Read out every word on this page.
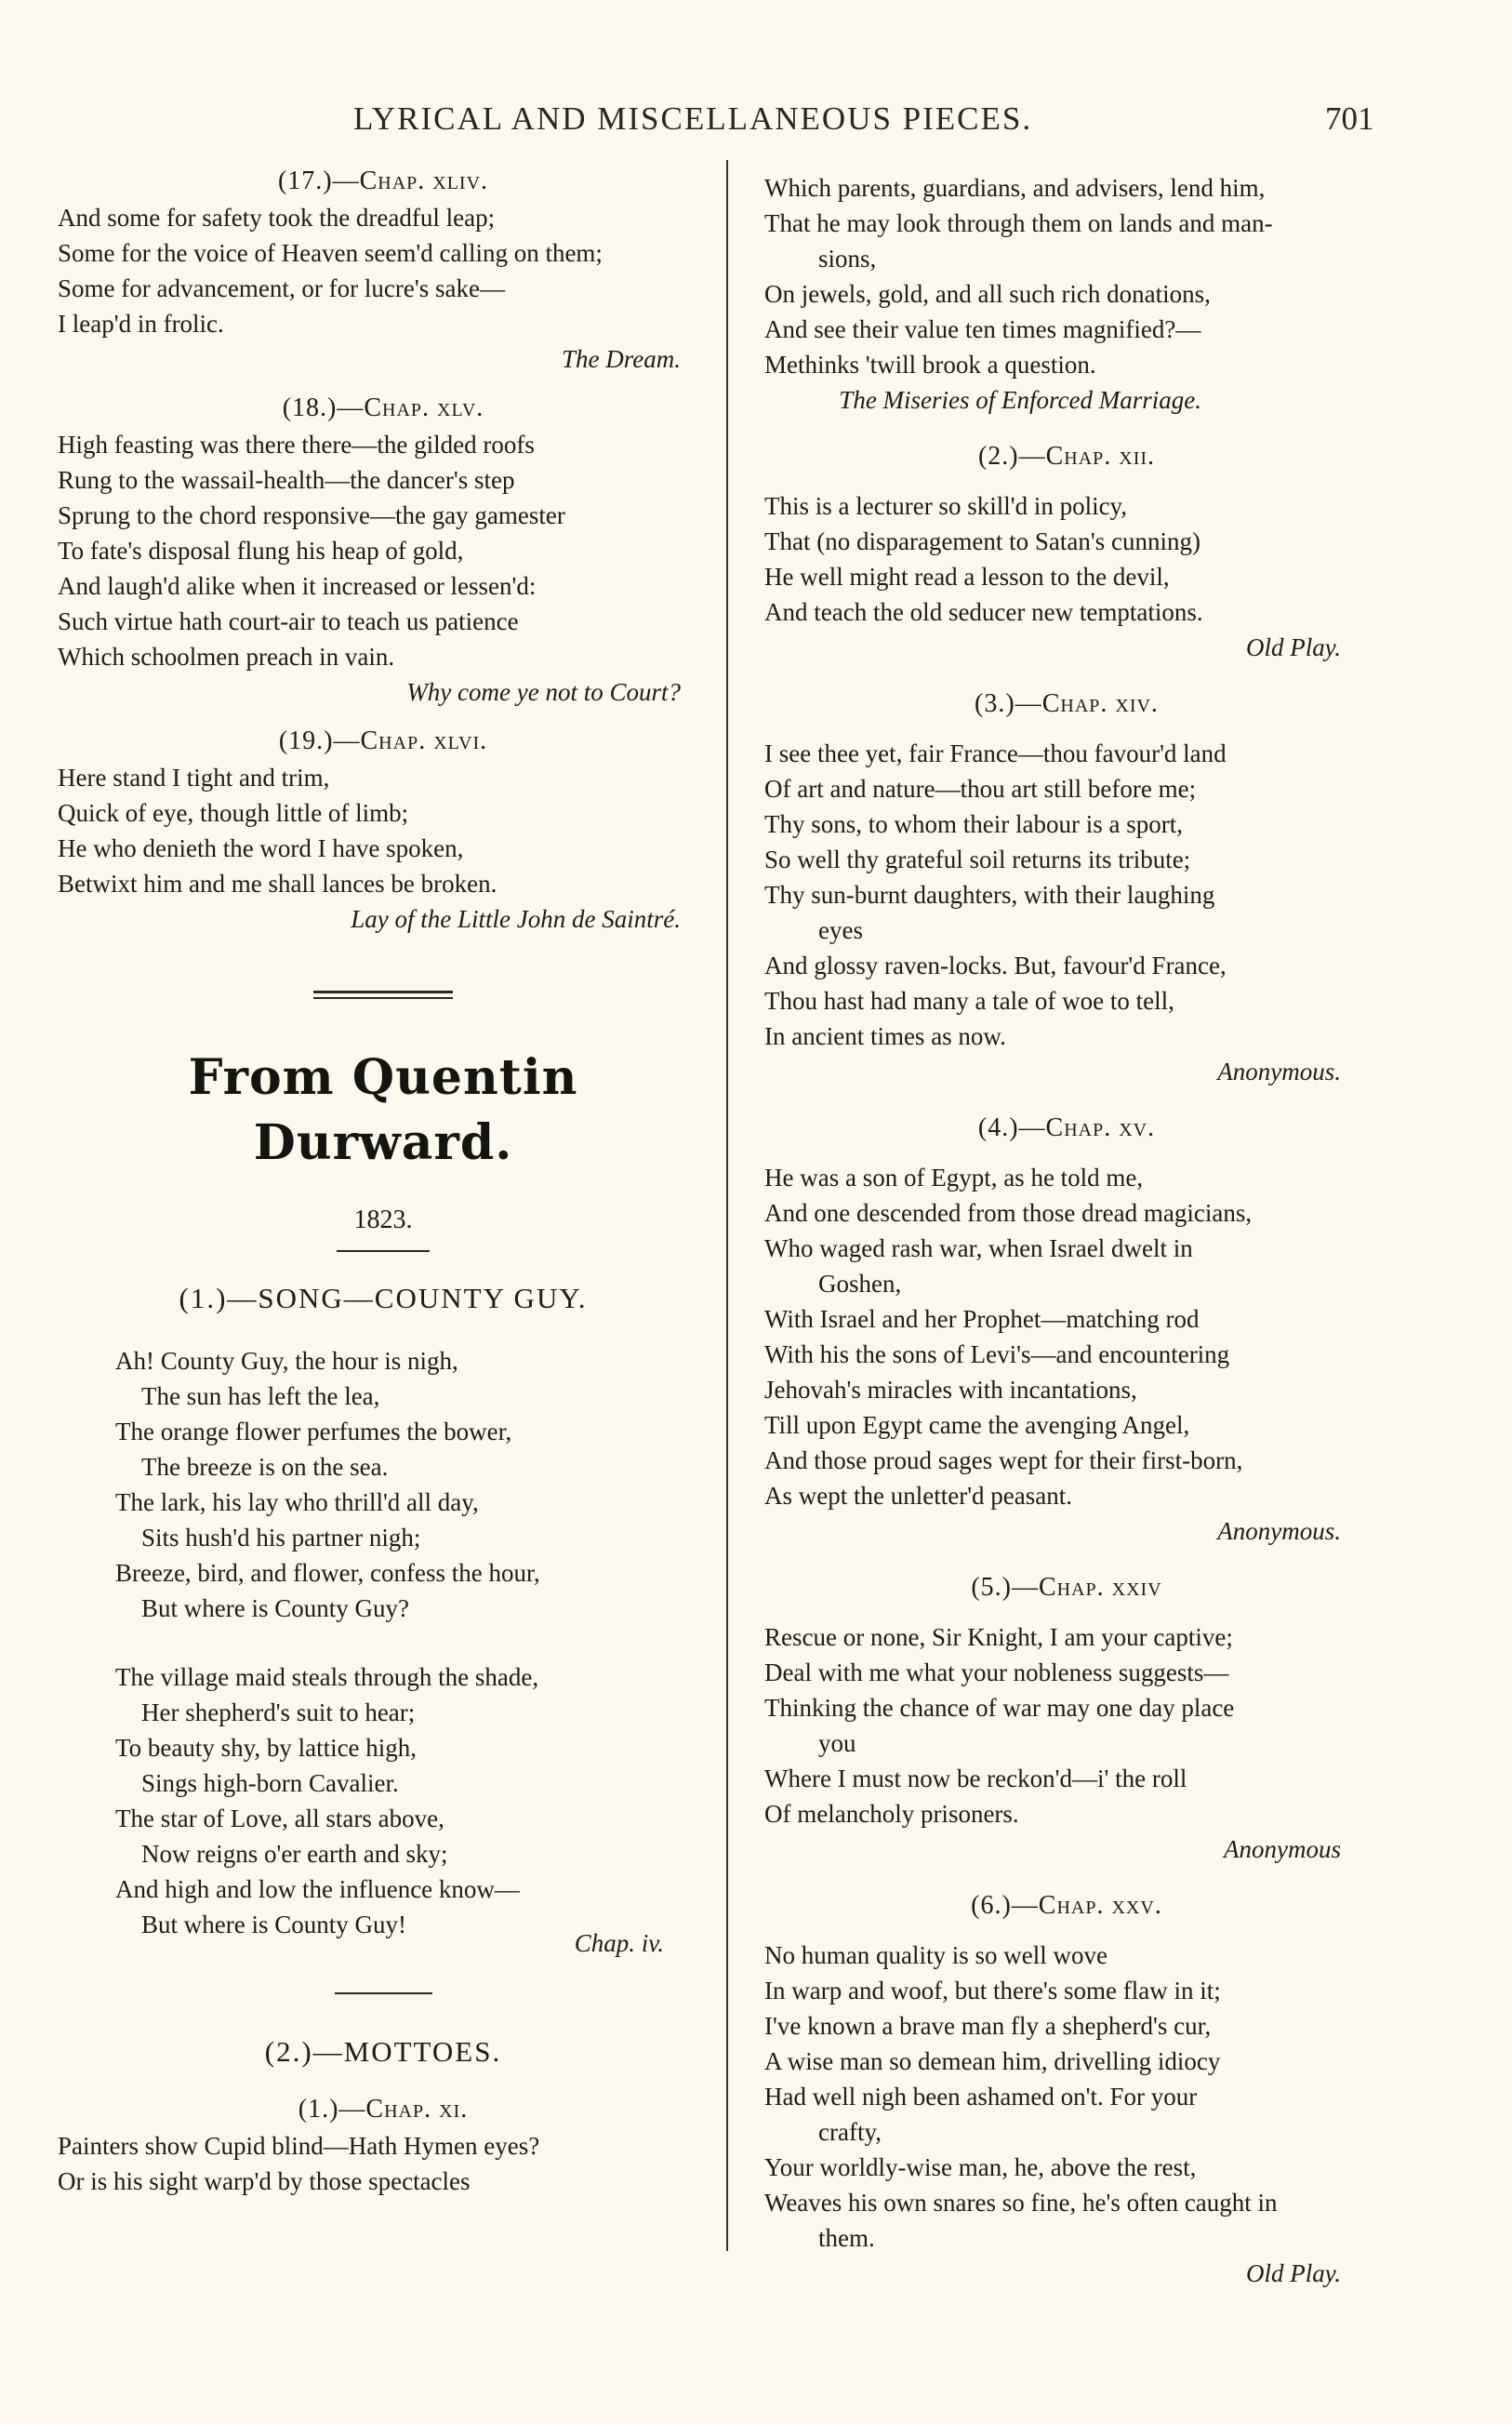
LYRICAL AND MISCELLANEOUS PIECES.	701
(17.)—Chap. xliv.
And some for safety took the dreadful leap;
Some for the voice of Heaven seem'd calling on them;
Some for advancement, or for lucre's sake—
I leap'd in frolic.
The Dream.
(18.)—Chap. xlv.
High feasting was there there—the gilded roofs
Rung to the wassail-health—the dancer's step
Sprung to the chord responsive—the gay gamester
To fate's disposal flung his heap of gold,
And laugh'd alike when it increased or lessen'd:
Such virtue hath court-air to teach us patience
Which schoolmen preach in vain.
Why come ye not to Court?
(19.)—Chap. xlvi.
Here stand I tight and trim,
Quick of eye, though little of limb;
He who denieth the word I have spoken,
Betwixt him and me shall lances be broken.
Lay of the Little John de Saintré.
From Quentin Durward.
1823.
(1.)—SONG—COUNTY GUY.
Ah! County Guy, the hour is nigh,
The sun has left the lea,
The orange flower perfumes the bower,
The breeze is on the sea.
The lark, his lay who thrill'd all day,
Sits hush'd his partner nigh;
Breeze, bird, and flower, confess the hour,
But where is County Guy?
The village maid steals through the shade,
Her shepherd's suit to hear;
To beauty shy, by lattice high,
Sings high-born Cavalier.
The star of Love, all stars above,
Now reigns o'er earth and sky;
And high and low the influence know—
But where is County Guy!
Chap. iv.
(2.)—MOTTOES.
(1.)—Chap. xi.
Painters show Cupid blind—Hath Hymen eyes?
Or is his sight warp'd by those spectacles
Which parents, guardians, and advisers, lend him,
That he may look through them on lands and man-
sions,
On jewels, gold, and all such rich donations,
And see their value ten times magnified?—
Methinks 'twill brook a question.
The Miseries of Enforced Marriage.
(2.)—Chap. xii.
This is a lecturer so skill'd in policy,
That (no disparagement to Satan's cunning)
He well might read a lesson to the devil,
And teach the old seducer new temptations.
Old Play.
(3.)—Chap. xiv.
I see thee yet, fair France—thou favour'd land
Of art and nature—thou art still before me;
Thy sons, to whom their labour is a sport,
So well thy grateful soil returns its tribute;
Thy sun-burnt daughters, with their laughing
eyes
And glossy raven-locks. But, favour'd France,
Thou hast had many a tale of woe to tell,
In ancient times as now.
Anonymous.
(4.)—Chap. xv.
He was a son of Egypt, as he told me,
And one descended from those dread magicians,
Who waged rash war, when Israel dwelt in
Goshen,
With Israel and her Prophet—matching rod
With his the sons of Levi's—and encountering
Jehovah's miracles with incantations,
Till upon Egypt came the avenging Angel,
And those proud sages wept for their first-born,
As wept the unletter'd peasant.
Anonymous.
(5.)—Chap. xxiv
Rescue or none, Sir Knight, I am your captive;
Deal with me what your nobleness suggests—
Thinking the chance of war may one day place
you
Where I must now be reckon'd—i' the roll
Of melancholy prisoners.
Anonymous
(6.)—Chap. xxv.
No human quality is so well wove
In warp and woof, but there's some flaw in it;
I've known a brave man fly a shepherd's cur,
A wise man so demean him, drivelling idiocy
Had well nigh been ashamed on't. For your
crafty,
Your worldly-wise man, he, above the rest,
Weaves his own snares so fine, he's often caught in
them.
Old Play.
